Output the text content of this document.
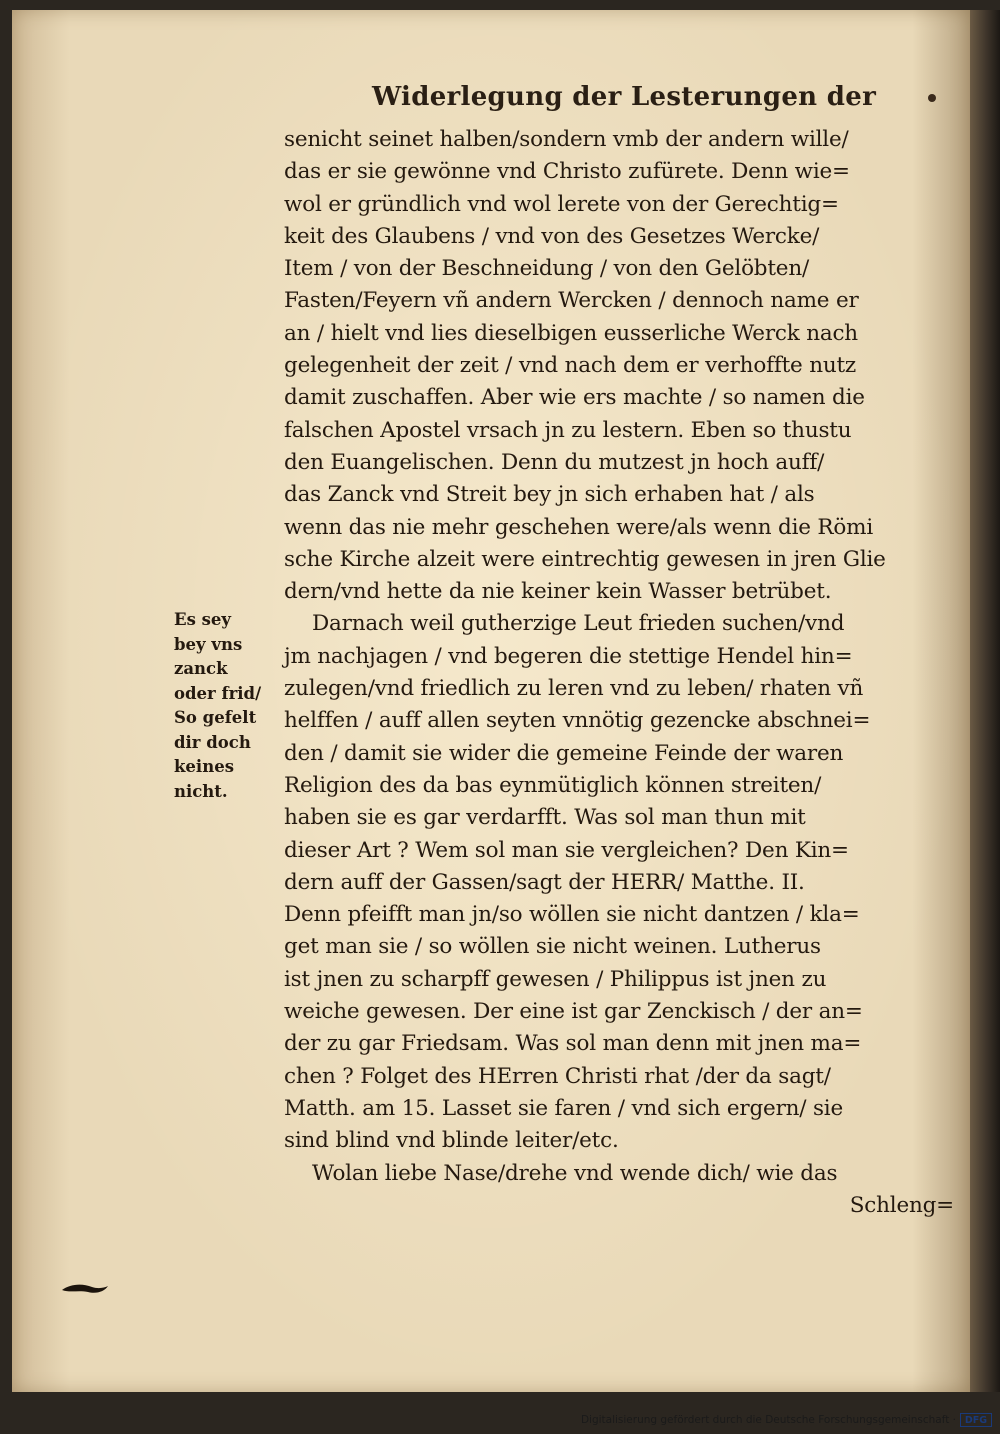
Widerlegung der Lesterungen der
senicht seinet halben/sondern vmb der andern wille/
das er sie gewönne vnd Christo zufürete. Denn wie=
wol er gründlich vnd wol lerete von der Gerechtig=
keit des Glaubens / vnd von des Gesetzes Wercke/
Item / von der Beschneidung / von den Gelöbten/
Fasten/Feyern vñ andern Wercken / dennoch name er
an / hielt vnd lies dieselbigen eusserliche Werck nach
gelegenheit der zeit / vnd nach dem er verhoffte nutz
damit zuschaffen. Aber wie ers machte / so namen die
falschen Apostel vrsach jn zu lestern. Eben so thustu
den Euangelischen. Denn du mutzest jn hoch auff/
das Zanck vnd Streit bey jn sich erhaben hat / als
wenn das nie mehr geschehen were/als wenn die Römi
sche Kirche alzeit were eintrechtig gewesen in jren Glie
dern/vnd hette da nie keiner kein Wasser betrübet.
Darnach weil gutherzige Leut frieden suchen/vnd
jm nachjagen / vnd begeren die stettige Hendel hin=
zulegen/vnd friedlich zu leren vnd zu leben/ rhaten vñ
helffen / auff allen seyten vnnötig gezencke abschnei=
den / damit sie wider die gemeine Feinde der waren
Religion des da bas eynmütiglich können streiten/
haben sie es gar verdarfft. Was sol man thun mit
dieser Art ? Wem sol man sie vergleichen? Den Kin=
dern auff der Gassen/sagt der HERR/ Matthe. II.
Denn pfeifft man jn/so wöllen sie nicht dantzen / kla=
get man sie / so wöllen sie nicht weinen. Lutherus
ist jnen zu scharpff gewesen / Philippus ist jnen zu
weiche gewesen. Der eine ist gar Zenckisch / der an=
der zu gar Friedsam. Was sol man denn mit jnen ma=
chen ? Folget des HErren Christi rhat /der da sagt/
Matth. am 15. Lasset sie faren / vnd sich ergern/ sie
sind blind vnd blinde leiter/etc.
Wolan liebe Nase/drehe vnd wende dich/ wie das
Schleng=
Es sey
bey vns
zanck
oder frid/
So gefelt
dir doch
keines
nicht.
Digitalisierung gefördert durch die Deutsche Forschungsgemeinschaft · DFG
